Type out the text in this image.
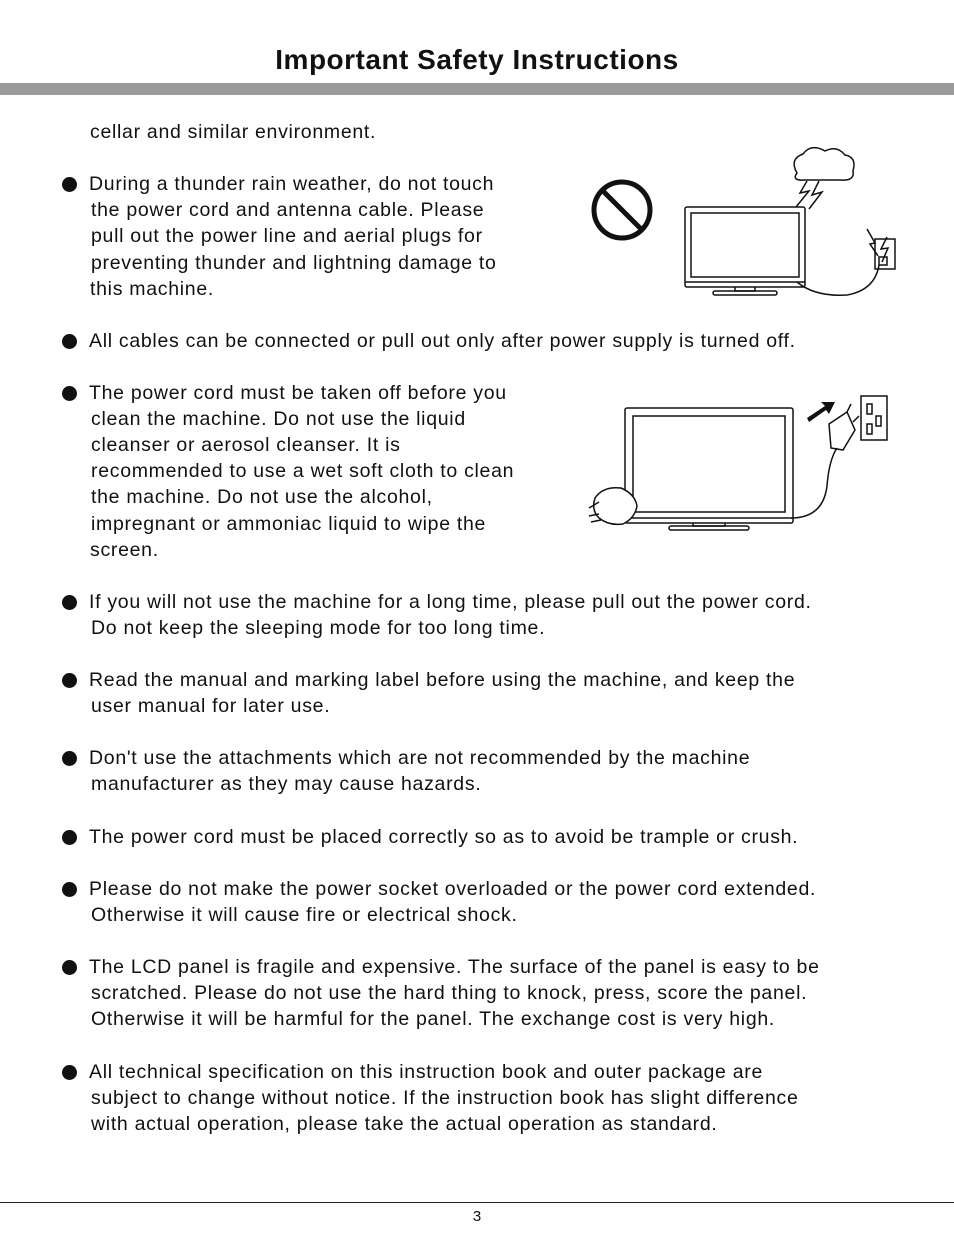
Important Safety Instructions
cellar and similar environment.
During a thunder rain weather, do not touch
the power cord and antenna cable. Please
pull out the power line and aerial plugs for
preventing thunder and lightning damage to
this machine.
All cables can be connected or pull out only after power supply is turned off.
The power cord must be taken off before you
clean the machine. Do not use the liquid
cleanser or aerosol cleanser. It is
recommended to use a wet soft cloth to clean
the machine. Do not use the alcohol,
impregnant or ammoniac liquid to wipe the
screen.
If you will not use the machine for a long time, please pull out the power cord.
Do not keep the sleeping mode for too long time.
Read the manual and marking label before using the machine, and keep the
user manual for later use.
Don't use the attachments which are not recommended by the machine
manufacturer as they may cause hazards.
The power cord must be placed correctly so as to avoid be trample or crush.
Please do not make the power socket overloaded or the power cord extended.
Otherwise it will cause fire or electrical shock.
The LCD panel is fragile and expensive. The surface of the panel is easy to be
scratched. Please do not use the hard thing to knock, press, score the panel.
Otherwise it will be harmful for the panel. The exchange cost is very high.
All technical specification on this instruction book and outer package are
subject to change without notice. If the instruction book has slight difference
with actual operation, please take the actual operation as standard.
3
